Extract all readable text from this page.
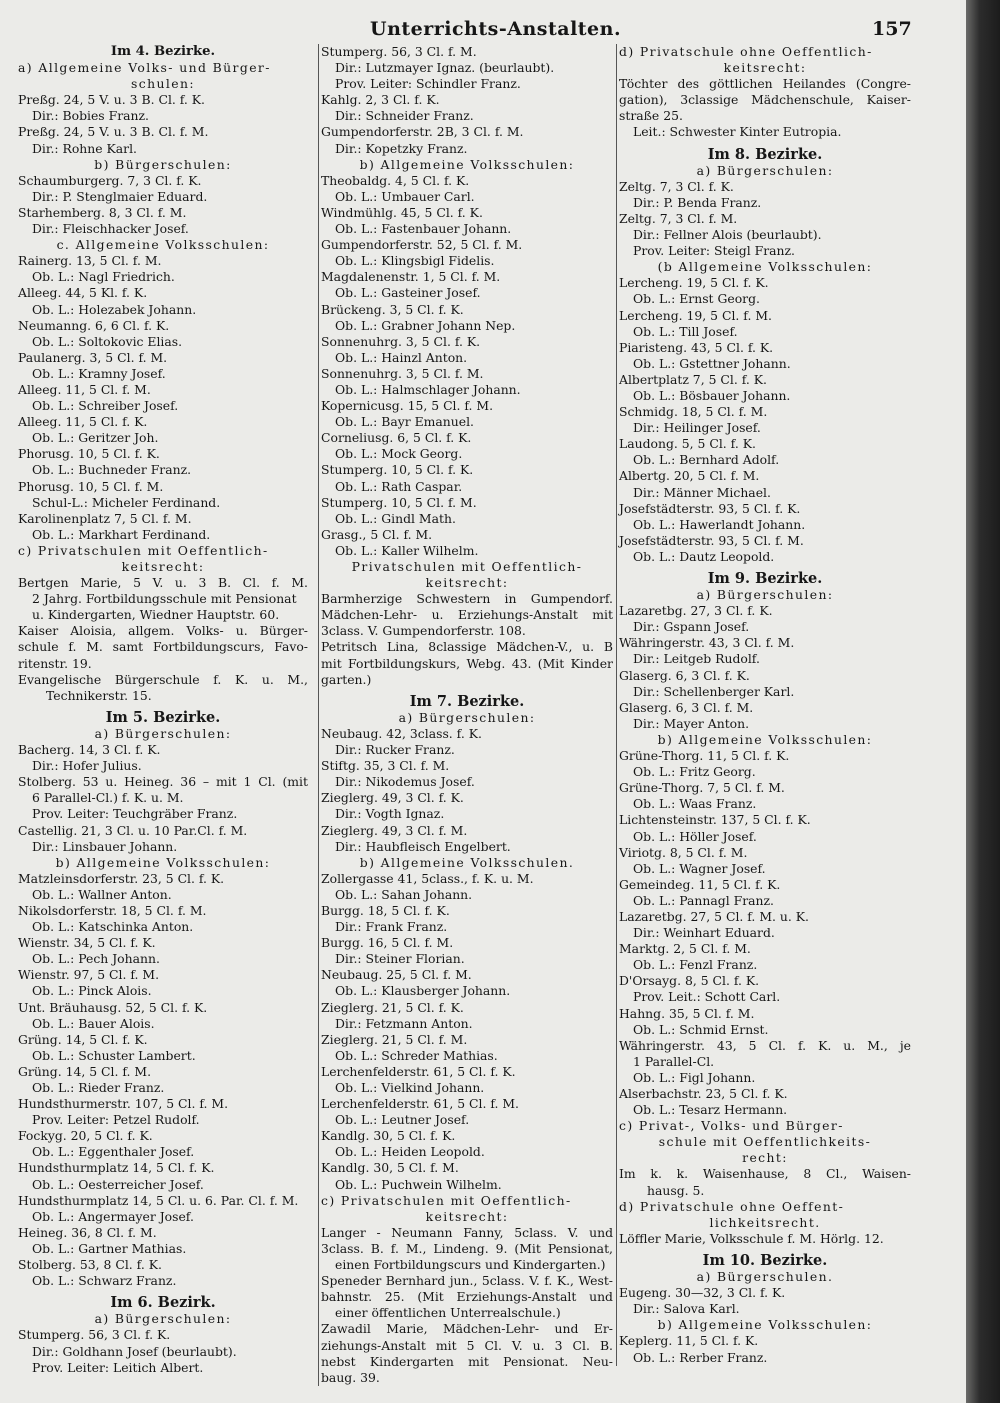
Unterrichts-Anstalten.	157
Im 4. Bezirke.
a) Allgemeine Volks- und Bürger-
schulen:
Preßg. 24, 5 V. u. 3 B. Cl. f. K.
Dir.: Bobies Franz.
Preßg. 24, 5 V. u. 3 B. Cl. f. M.
Dir.: Rohne Karl.
b) Bürgerschulen:
Schaumburgerg. 7, 3 Cl. f. K.
Dir.: P. Stenglmaier Eduard.
Starhemberg. 8, 3 Cl. f. M.
Dir.: Fleischhacker Josef.
c. Allgemeine Volksschulen:
Rainerg. 13, 5 Cl. f. M.
Ob. L.: Nagl Friedrich.
Alleeg. 44, 5 Kl. f. K.
Ob. L.: Holezabek Johann.
Neumanng. 6, 6 Cl. f. K.
Ob. L.: Soltokovic Elias.
Paulanerg. 3, 5 Cl. f. M.
Ob. L.: Kramny Josef.
Alleeg. 11, 5 Cl. f. M.
Ob. L.: Schreiber Josef.
Alleeg. 11, 5 Cl. f. K.
Ob. L.: Geritzer Joh.
Phorusg. 10, 5 Cl. f. K.
Ob. L.: Buchneder Franz.
Phorusg. 10, 5 Cl. f. M.
Schul-L.: Micheler Ferdinand.
Karolinenplatz 7, 5 Cl. f. M.
Ob. L.: Markhart Ferdinand.
c) Privatschulen mit Oeffentlich-
keitsrecht:
Bertgen Marie, 5 V. u. 3 B. Cl. f. M.
2 Jahrg. Fortbildungsschule mit Pensionat
u. Kindergarten, Wiedner Hauptstr. 60.
Kaiser Aloisia, allgem. Volks- u. Bürger-
schule f. M. samt Fortbildungscurs, Favo-
ritenstr. 19.
Evangelische Bürgerschule f. K. u. M.,
Technikerstr. 15.
Im 5. Bezirke.
a) Bürgerschulen:
Bacherg. 14, 3 Cl. f. K.
Dir.: Hofer Julius.
Stolberg. 53 u. Heineg. 36 – mit 1 Cl. (mit
6 Parallel-Cl.) f. K. u. M.
Prov. Leiter: Teuchgräber Franz.
Castellig. 21, 3 Cl. u. 10 Par.Cl. f. M.
Dir.: Linsbauer Johann.
b) Allgemeine Volksschulen:
Matzleinsdorferstr. 23, 5 Cl. f. K.
Ob. L.: Wallner Anton.
Nikolsdorferstr. 18, 5 Cl. f. M.
Ob. L.: Katschinka Anton.
Wienstr. 34, 5 Cl. f. K.
Ob. L.: Pech Johann.
Wienstr. 97, 5 Cl. f. M.
Ob. L.: Pinck Alois.
Unt. Bräuhausg. 52, 5 Cl. f. K.
Ob. L.: Bauer Alois.
Grüng. 14, 5 Cl. f. K.
Ob. L.: Schuster Lambert.
Grüng. 14, 5 Cl. f. M.
Ob. L.: Rieder Franz.
Hundsthurmerstr. 107, 5 Cl. f. M.
Prov. Leiter: Petzel Rudolf.
Fockyg. 20, 5 Cl. f. K.
Ob. L.: Eggenthaler Josef.
Hundsthurmplatz 14, 5 Cl. f. K.
Ob. L.: Oesterreicher Josef.
Hundsthurmplatz 14, 5 Cl. u. 6. Par. Cl. f. M.
Ob. L.: Angermayer Josef.
Heineg. 36, 8 Cl. f. M.
Ob. L.: Gartner Mathias.
Stolberg. 53, 8 Cl. f. K.
Ob. L.: Schwarz Franz.
Im 6. Bezirk.
a) Bürgerschulen:
Stumperg. 56, 3 Cl. f. K.
Dir.: Goldhann Josef (beurlaubt).
Prov. Leiter: Leitich Albert.
Stumperg. 56, 3 Cl. f. M.
Dir.: Lutzmayer Ignaz. (beurlaubt).
Prov. Leiter: Schindler Franz.
Kahlg. 2, 3 Cl. f. K.
Dir.: Schneider Franz.
Gumpendorferstr. 2B, 3 Cl. f. M.
Dir.: Kopetzky Franz.
b) Allgemeine Volksschulen:
Theobaldg. 4, 5 Cl. f. K.
Ob. L.: Umbauer Carl.
Windmühlg. 45, 5 Cl. f. K.
Ob. L.: Fastenbauer Johann.
Gumpendorferstr. 52, 5 Cl. f. M.
Ob. L.: Klingsbigl Fidelis.
Magdalenenstr. 1, 5 Cl. f. M.
Ob. L.: Gasteiner Josef.
Brückeng. 3, 5 Cl. f. K.
Ob. L.: Grabner Johann Nep.
Sonnenuhrg. 3, 5 Cl. f. K.
Ob. L.: Hainzl Anton.
Sonnenuhrg. 3, 5 Cl. f. M.
Ob. L.: Halmschlager Johann.
Kopernicusg. 15, 5 Cl. f. M.
Ob. L.: Bayr Emanuel.
Corneliusg. 6, 5 Cl. f. K.
Ob. L.: Mock Georg.
Stumperg. 10, 5 Cl. f. K.
Ob. L.: Rath Caspar.
Stumperg. 10, 5 Cl. f. M.
Ob. L.: Gindl Math.
Grasg., 5 Cl. f. M.
Ob. L.: Kaller Wilhelm.
Privatschulen mit Oeffentlich-
keitsrecht:
Barmherzige Schwestern in Gumpendorf.
Mädchen-Lehr- u. Erziehungs-Anstalt mit
3class. V. Gumpendorferstr. 108.
Petritsch Lina, 8classige Mädchen-V., u. B
mit Fortbildungskurs, Webg. 43. (Mit Kinder
garten.)
Im 7. Bezirke.
a) Bürgerschulen:
Neubaug. 42, 3class. f. K.
Dir.: Rucker Franz.
Stiftg. 35, 3 Cl. f. M.
Dir.: Nikodemus Josef.
Zieglerg. 49, 3 Cl. f. K.
Dir.: Vogth Ignaz.
Zieglerg. 49, 3 Cl. f. M.
Dir.: Haubfleisch Engelbert.
b) Allgemeine Volksschulen.
Zollergasse 41, 5class., f. K. u. M.
Ob. L.: Sahan Johann.
Burgg. 18, 5 Cl. f. K.
Dir.: Frank Franz.
Burgg. 16, 5 Cl. f. M.
Dir.: Steiner Florian.
Neubaug. 25, 5 Cl. f. M.
Ob. L.: Klausberger Johann.
Zieglerg. 21, 5 Cl. f. K.
Dir.: Fetzmann Anton.
Zieglerg. 21, 5 Cl. f. M.
Ob. L.: Schreder Mathias.
Lerchenfelderstr. 61, 5 Cl. f. K.
Ob. L.: Vielkind Johann.
Lerchenfelderstr. 61, 5 Cl. f. M.
Ob. L.: Leutner Josef.
Kandlg. 30, 5 Cl. f. K.
Ob. L.: Heiden Leopold.
Kandlg. 30, 5 Cl. f. M.
Ob. L.: Puchwein Wilhelm.
c) Privatschulen mit Oeffentlich-
keitsrecht:
Langer - Neumann Fanny, 5class. V. und
3class. B. f. M., Lindeng. 9. (Mit Pensionat,
einen Fortbildungscurs und Kindergarten.)
Speneder Bernhard jun., 5class. V. f. K., West-
bahnstr. 25. (Mit Erziehungs-Anstalt und
einer öffentlichen Unterrealschule.)
Zawadil Marie, Mädchen-Lehr- und Er-
ziehungs-Anstalt mit 5 Cl. V. u. 3 Cl. B.
nebst Kindergarten mit Pensionat. Neu-
baug. 39.
d) Privatschule ohne Oeffentlich-
keitsrecht:
Töchter des göttlichen Heilandes (Congre-
gation), 3classige Mädchenschule, Kaiser-
straße 25.
Leit.: Schwester Kinter Eutropia.
Im 8. Bezirke.
a) Bürgerschulen:
Zeltg. 7, 3 Cl. f. K.
Dir.: P. Benda Franz.
Zeltg. 7, 3 Cl. f. M.
Dir.: Fellner Alois (beurlaubt).
Prov. Leiter: Steigl Franz.
(b Allgemeine Volksschulen:
Lercheng. 19, 5 Cl. f. K.
Ob. L.: Ernst Georg.
Lercheng. 19, 5 Cl. f. M.
Ob. L.: Till Josef.
Piaristeng. 43, 5 Cl. f. K.
Ob. L.: Gstettner Johann.
Albertplatz 7, 5 Cl. f. K.
Ob. L.: Bösbauer Johann.
Schmidg. 18, 5 Cl. f. M.
Dir.: Heilinger Josef.
Laudong. 5, 5 Cl. f. K.
Ob. L.: Bernhard Adolf.
Albertg. 20, 5 Cl. f. M.
Dir.: Männer Michael.
Josefstädterstr. 93, 5 Cl. f. K.
Ob. L.: Hawerlandt Johann.
Josefstädterstr. 93, 5 Cl. f. M.
Ob. L.: Dautz Leopold.
Im 9. Bezirke.
a) Bürgerschulen:
Lazaretbg. 27, 3 Cl. f. K.
Dir.: Gspann Josef.
Währingerstr. 43, 3 Cl. f. M.
Dir.: Leitgeb Rudolf.
Glaserg. 6, 3 Cl. f. K.
Dir.: Schellenberger Karl.
Glaserg. 6, 3 Cl. f. M.
Dir.: Mayer Anton.
b) Allgemeine Volksschulen:
Grüne-Thorg. 11, 5 Cl. f. K.
Ob. L.: Fritz Georg.
Grüne-Thorg. 7, 5 Cl. f. M.
Ob. L.: Waas Franz.
Lichtensteinstr. 137, 5 Cl. f. K.
Ob. L.: Höller Josef.
Viriotg. 8, 5 Cl. f. M.
Ob. L.: Wagner Josef.
Gemeindeg. 11, 5 Cl. f. K.
Ob. L.: Pannagl Franz.
Lazaretbg. 27, 5 Cl. f. M. u. K.
Dir.: Weinhart Eduard.
Marktg. 2, 5 Cl. f. M.
Ob. L.: Fenzl Franz.
D'Orsayg. 8, 5 Cl. f. K.
Prov. Leit.: Schott Carl.
Hahng. 35, 5 Cl. f. M.
Ob. L.: Schmid Ernst.
Währingerstr. 43, 5 Cl. f. K. u. M., je
1 Parallel-Cl.
Ob. L.: Figl Johann.
Alserbachstr. 23, 5 Cl. f. K.
Ob. L.: Tesarz Hermann.
c) Privat-, Volks- und Bürger-
schule mit Oeffentlichkeits-
recht:
Im k. k. Waisenhause, 8 Cl., Waisen-
hausg. 5.
d) Privatschule ohne Oeffent-
lichkeitsrecht.
Löffler Marie, Volksschule f. M. Hörlg. 12.
Im 10. Bezirke.
a) Bürgerschulen.
Eugeng. 30—32, 3 Cl. f. K.
Dir.: Salova Karl.
b) Allgemeine Volksschulen:
Keplerg. 11, 5 Cl. f. K.
Ob. L.: Rerber Franz.
